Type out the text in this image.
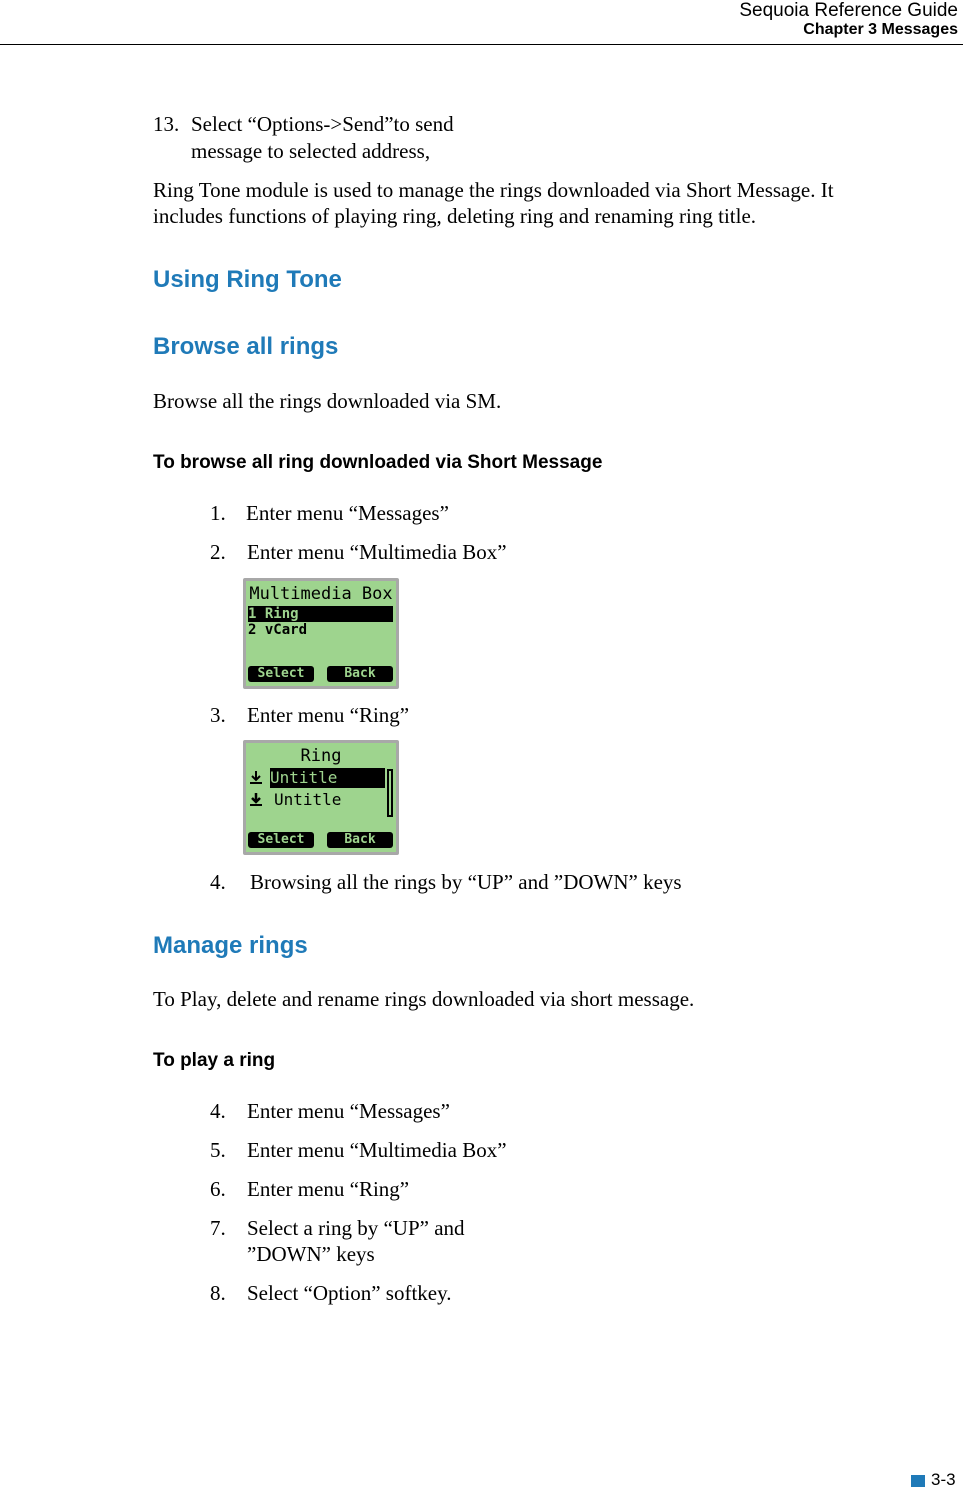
Sequoia Reference Guide
Chapter 3 Messages
13. Select “Options->Send”to send
message to selected address,
Ring Tone module is used to manage the rings downloaded via Short Message. It
includes functions of playing ring, deleting ring and renaming ring title.
Using Ring Tone
Browse all rings
Browse all the rings downloaded via SM.
To browse all ring downloaded via Short Message
1. Enter menu “Messages”
2. Enter menu “Multimedia Box”
Multimedia Box
1 Ring
2 vCard
Select	Back
3. Enter menu “Ring”
Ring
Untitle
Untitle
Select	Back
4. Browsing all the rings by “UP” and ”DOWN” keys
Manage rings
To Play, delete and rename rings downloaded via short message.
To play a ring
4. Enter menu “Messages”
5. Enter menu “Multimedia Box”
6. Enter menu “Ring”
7. Select a ring by “UP” and
”DOWN” keys
8. Select “Option” softkey.
3-3
